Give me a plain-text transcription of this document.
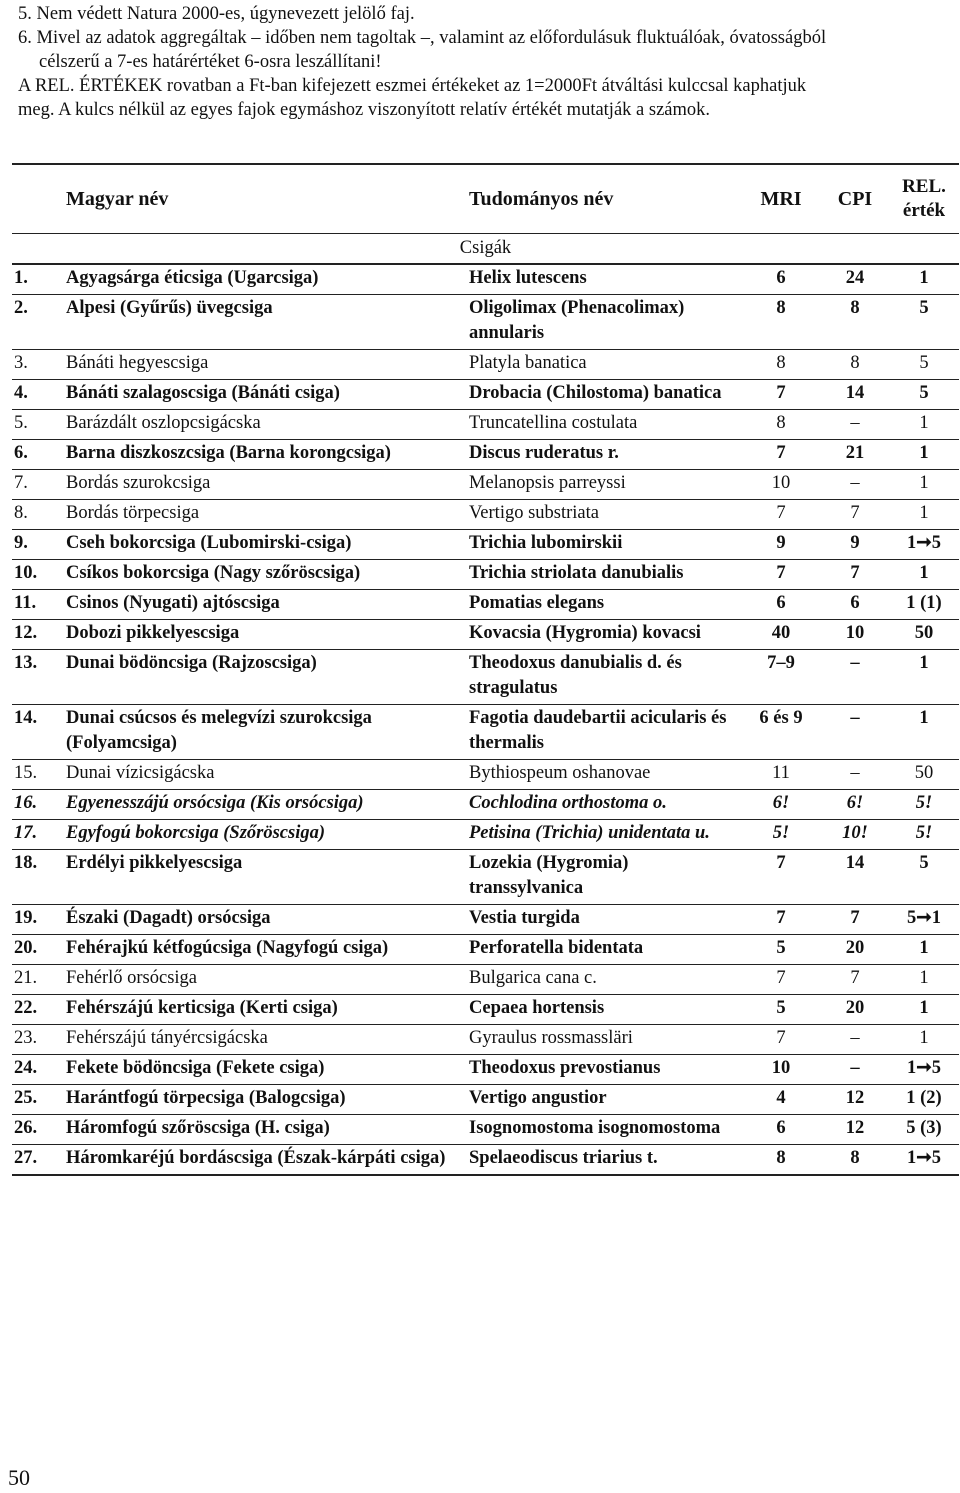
5. Nem védett Natura 2000-es, úgynevezett jelölő faj.

6. Mivel az adatok aggregáltak – időben nem tagoltak –, valamint az előfordulásuk fluktuálóak, óvatosságból

célszerű a 7-es határértéket 6-osra leszállítani!

A REL. ÉRTÉKEK rovatban a Ft-ban kifejezett eszmei értékeket az 1=2000Ft átváltási kulccsal kaphatjuk

meg. A kulcs nélkül az egyes fajok egymáshoz viszonyított relatív értékét mutatják a számok.

	Magyar név	Tudományos név	MRI	CPI	REL.
érték
Csigák					
1.	Agyagsárga éticsiga (Ugarcsiga)	Helix lutescens	6	24	1
2.	Alpesi (Gyűrűs) üvegcsiga	Oligolimax (Phenacolimax) annularis	8	8	5
3.	Bánáti hegyescsiga	Platyla banatica	8	8	5
4.	Bánáti szalagoscsiga (Bánáti csiga)	Drobacia (Chilostoma) banatica	7	14	5
5.	Barázdált oszlopcsigácska	Truncatellina costulata	8	–	1
6.	Barna diszkoszcsiga (Barna korongcsiga)	Discus ruderatus r.	7	21	1
7.	Bordás szurokcsiga	Melanopsis parreyssi	10	–	1
8.	Bordás törpecsiga	Vertigo substriata	7	7	1
9.	Cseh bokorcsiga (Lubomirski-csiga)	Trichia lubomirskii	9	9	1➞5
10.	Csíkos bokorcsiga (Nagy szőröscsiga)	Trichia striolata danubialis	7	7	1
11.	Csinos (Nyugati) ajtóscsiga	Pomatias elegans	6	6	1 (1)
12.	Dobozi pikkelyescsiga	Kovacsia (Hygromia) kovacsi	40	10	50
13.	Dunai bödöncsiga (Rajzoscsiga)	Theodoxus danubialis d. és stragulatus	7–9	–	1
14.	Dunai csúcsos és melegvízi szurokcsiga (Folyamcsiga)	Fagotia daudebartii acicularis és thermalis	6 és 9	–	1
15.	Dunai vízicsigácska	Bythiospeum oshanovae	11	–	50
16.	Egyenesszájú orsócsiga (Kis orsócsiga)	Cochlodina orthostoma o.	6!	6!	5!
17.	Egyfogú bokorcsiga (Szőröscsiga)	Petisina (Trichia) unidentata u.	5!	10!	5!
18.	Erdélyi pikkelyescsiga	Lozekia (Hygromia) transsylvanica	7	14	5
19.	Északi (Dagadt) orsócsiga	Vestia turgida	7	7	5➞1
20.	Fehérajkú kétfogúcsiga (Nagyfogú csiga)	Perforatella bidentata	5	20	1
21.	Fehérlő orsócsiga	Bulgarica cana c.	7	7	1
22.	Fehérszájú kerticsiga (Kerti csiga)	Cepaea hortensis	5	20	1
23.	Fehérszájú tányércsigácska	Gyraulus rossmassläri	7	–	1
24.	Fekete bödöncsiga (Fekete csiga)	Theodoxus prevostianus	10	–	1➞5
25.	Harántfogú törpecsiga (Balogcsiga)	Vertigo angustior	4	12	1 (2)
26.	Háromfogú szőröscsiga (H. csiga)	Isognomostoma isognomostoma	6	12	5 (3)
27.	Háromkaréjú bordáscsiga (Észak-kárpáti csiga)	Spelaeodiscus triarius t.	8	8	1➞5
50
